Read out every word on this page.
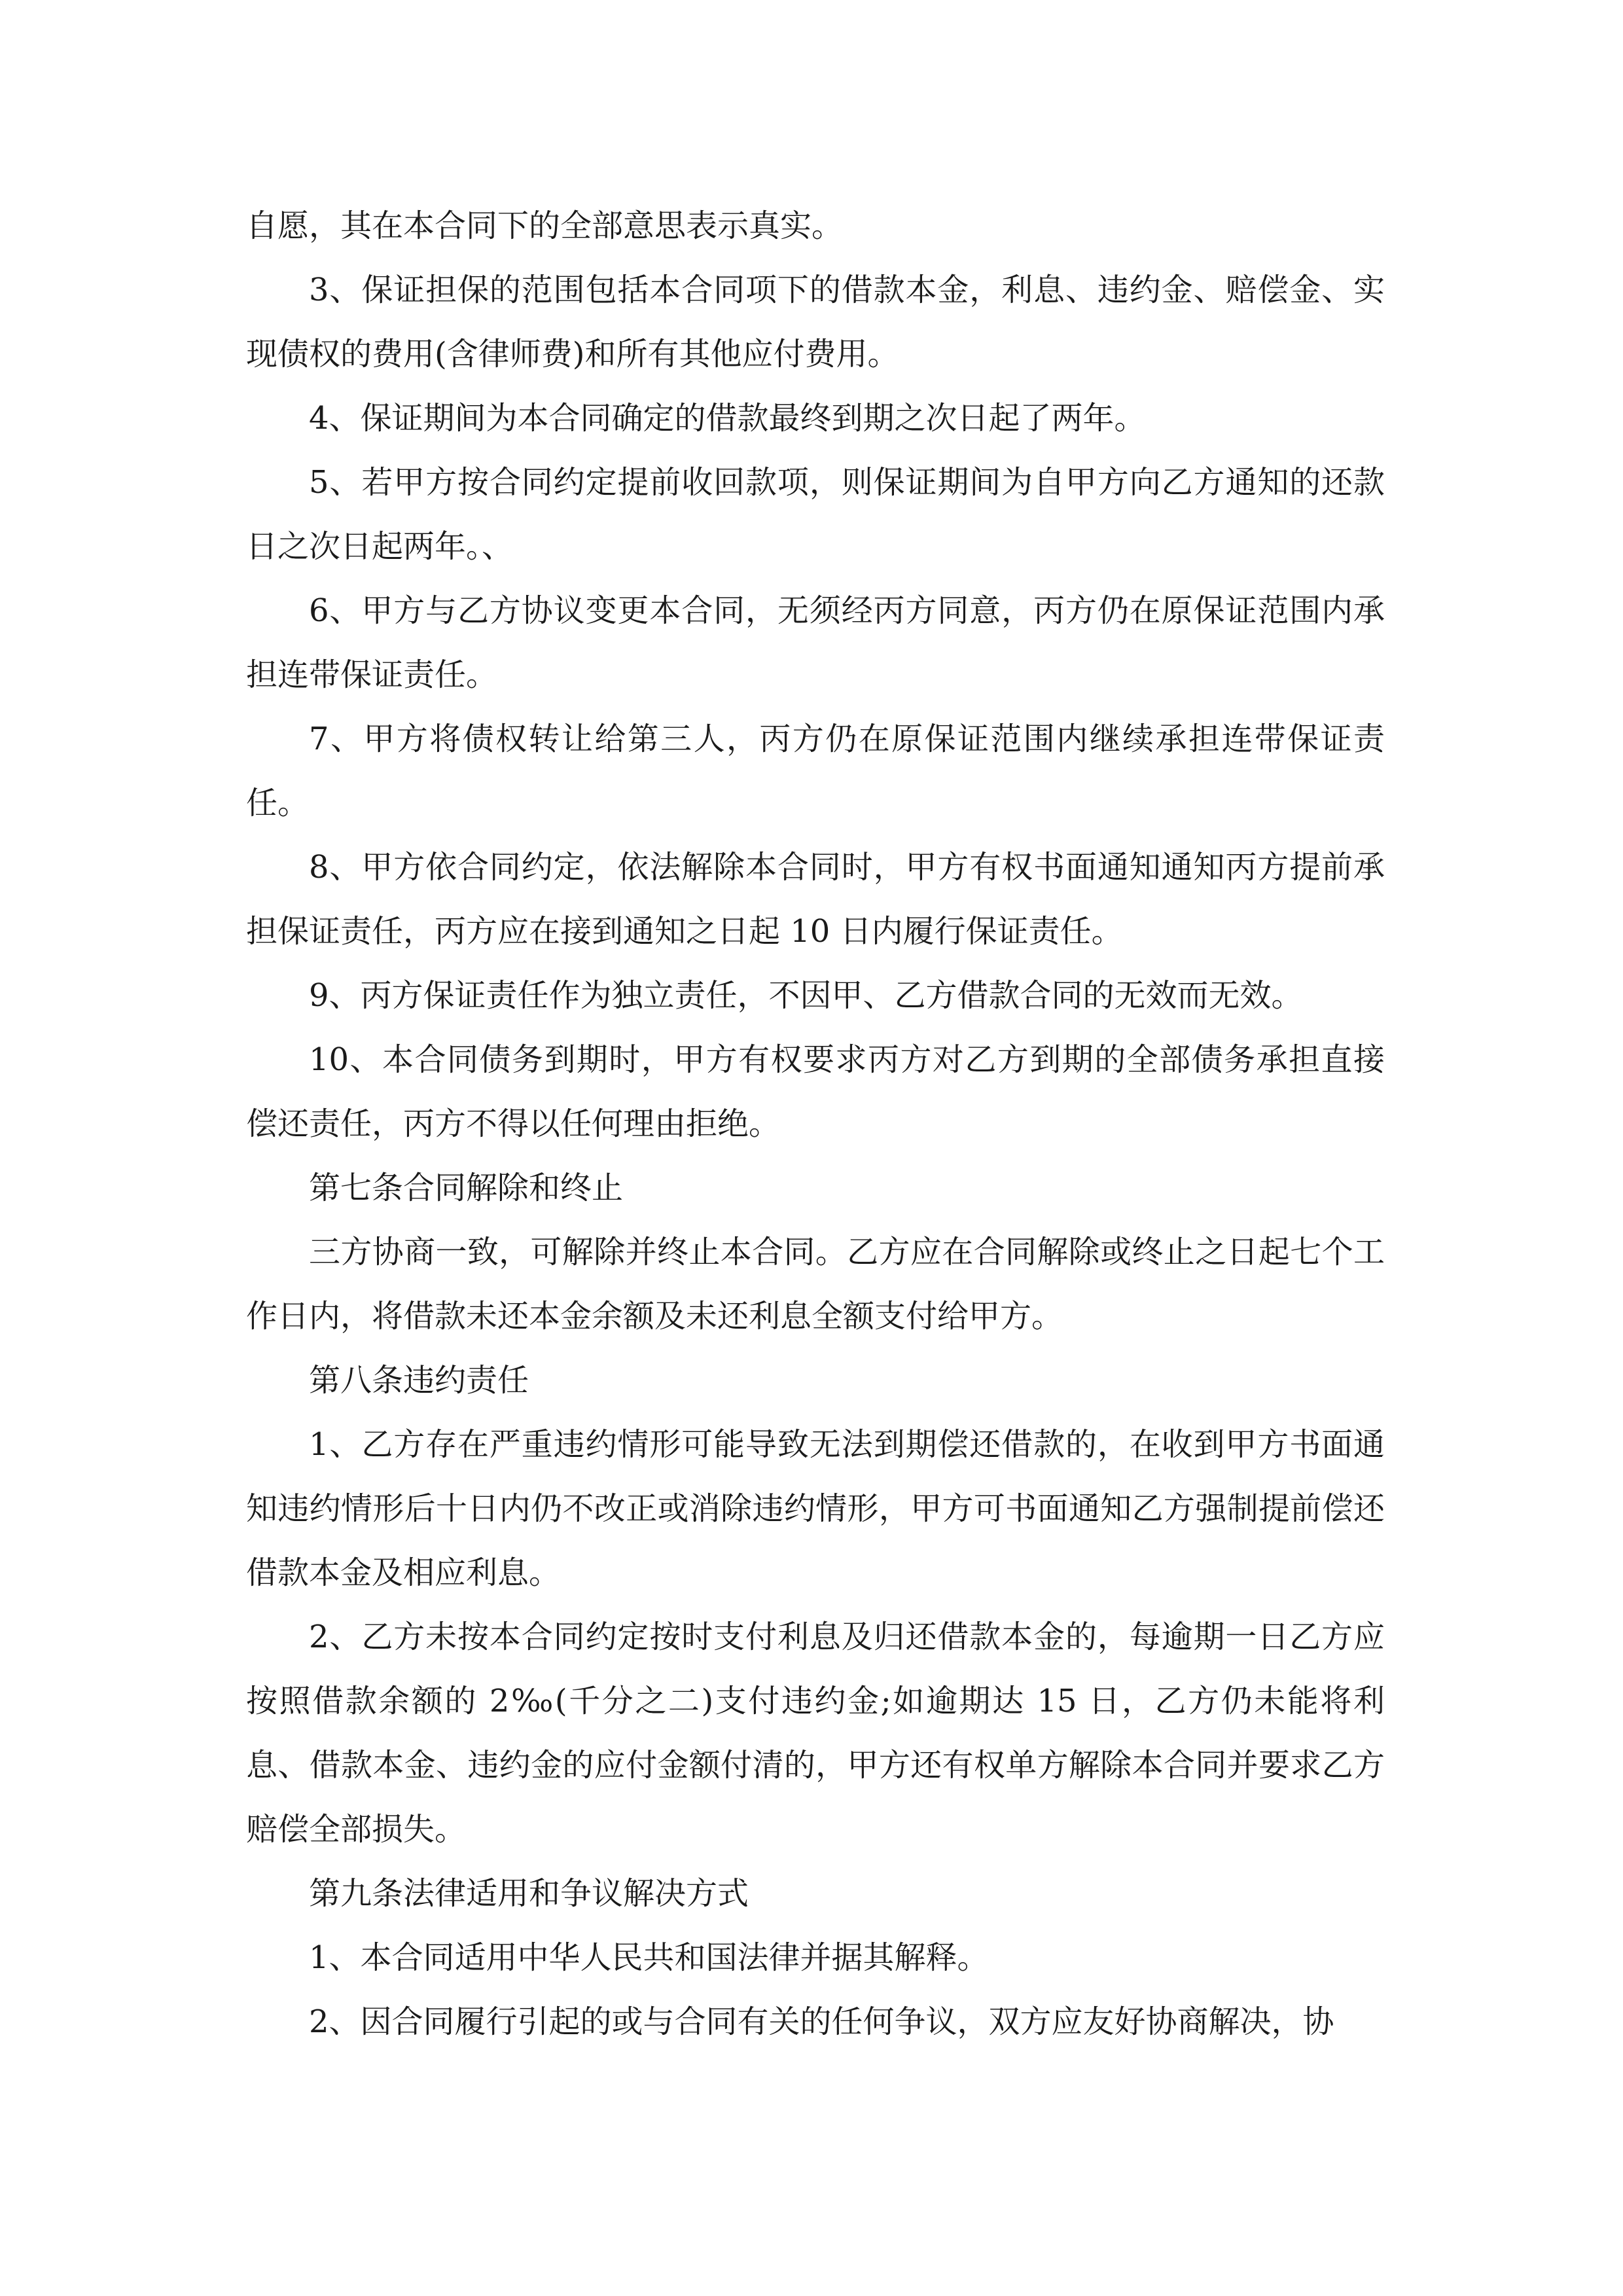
自愿，其在本合同下的全部意思表示真实。

3、保证担保的范围包括本合同项下的借款本金，利息、违约金、赔偿金、实现债权的费用(含律师费)和所有其他应付费用。

4、保证期间为本合同确定的借款最终到期之次日起了两年。

5、若甲方按合同约定提前收回款项，则保证期间为自甲方向乙方通知的还款日之次日起两年。、

6、甲方与乙方协议变更本合同，无须经丙方同意，丙方仍在原保证范围内承担连带保证责任。

7、甲方将债权转让给第三人，丙方仍在原保证范围内继续承担连带保证责任。

8、甲方依合同约定，依法解除本合同时，甲方有权书面通知通知丙方提前承担保证责任，丙方应在接到通知之日起 10 日内履行保证责任。

9、丙方保证责任作为独立责任，不因甲、乙方借款合同的无效而无效。

10、本合同债务到期时，甲方有权要求丙方对乙方到期的全部债务承担直接偿还责任，丙方不得以任何理由拒绝。

第七条合同解除和终止

三方协商一致，可解除并终止本合同。乙方应在合同解除或终止之日起七个工作日内，将借款未还本金余额及未还利息全额支付给甲方。

第八条违约责任

1、乙方存在严重违约情形可能导致无法到期偿还借款的，在收到甲方书面通知违约情形后十日内仍不改正或消除违约情形，甲方可书面通知乙方强制提前偿还借款本金及相应利息。

2、乙方未按本合同约定按时支付利息及归还借款本金的，每逾期一日乙方应按照借款余额的 2‰(千分之二)支付违约金;如逾期达 15 日，乙方仍未能将利息、借款本金、违约金的应付金额付清的，甲方还有权单方解除本合同并要求乙方赔偿全部损失。

第九条法律适用和争议解决方式

1、本合同适用中华人民共和国法律并据其解释。

2、因合同履行引起的或与合同有关的任何争议，双方应友好协商解决，协
